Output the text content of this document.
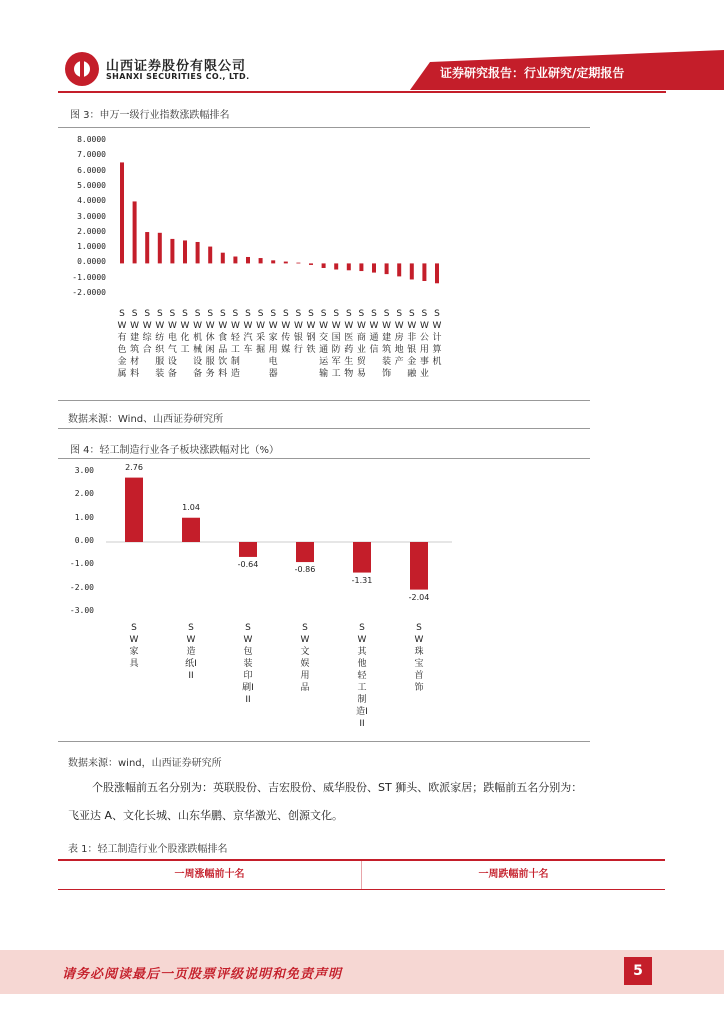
山西证券股份有限公司
SHANXI SECURITIES CO., LTD.	证券研究报告：行业研究/定期报告
图 3：申万一级行业指数涨跌幅排名
8.0000
7.0000
6.0000
5.0000
4.0000
3.0000
2.0000
1.0000
0.0000
-1.0000
-2.0000
SW有色金属
SW建筑材料
SW综合
SW纺织服装
SW电气设备
SW化工
SW机械设备
SW休闲服务
SW食品饮料
SW轻工制造
SW汽车
SW采掘
SW家用电器
SW传媒
SW银行
SW钢铁
SW交通运输
SW国防军工
SW医药生物
SW商业贸易
SW通信
SW建筑装饰
SW房地产
SW非银金融
SW公用事业
SW计算机
数据来源：Wind、山西证券研究所
图 4：轻工制造行业各子板块涨跌幅对比（%）
3.00
2.00
1.00
0.00
-1.00
-2.00
-3.00
2.76
1.04
-0.64
-0.86
-1.31
-2.04
SW家具
SW造纸III
SW包装印刷III
SW文娱用品
SW其他轻工制造III
SW珠宝首饰
数据来源：wind，山西证券研究所
个股涨幅前五名分别为：英联股份、吉宏股份、威华股份、ST 狮头、欧派家居；跌幅前五名分别为：
飞亚达 A、文化长城、山东华鹏、京华激光、创源文化。
表 1：轻工制造行业个股涨跌幅排名
一周涨幅前十名	一周跌幅前十名
请务必阅读最后一页股票评级说明和免责声明	5
